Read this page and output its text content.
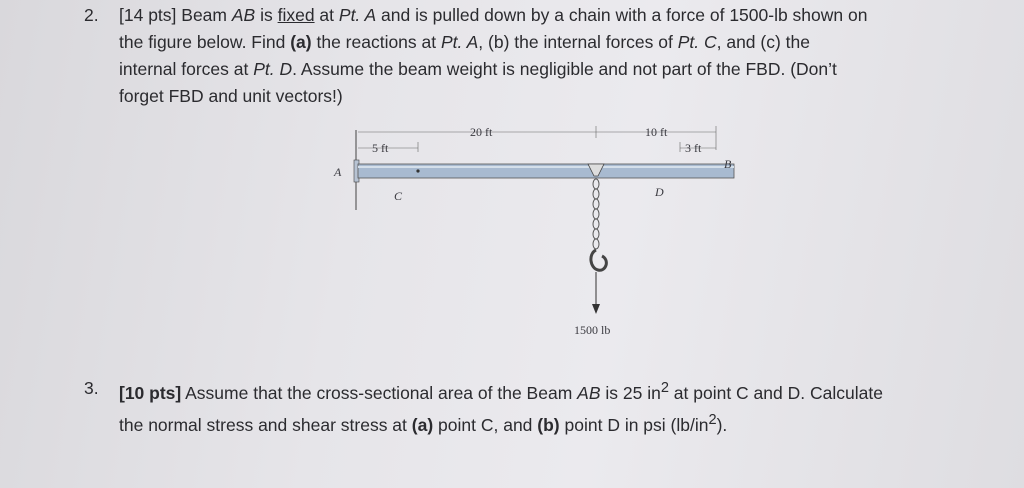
2. [14 pts] Beam AB is fixed at Pt. A and is pulled down by a chain with a force of 1500-lb shown on
the figure below. Find (a) the reactions at Pt. A, (b) the internal forces of Pt. C, and (c) the
internal forces at Pt. D. Assume the beam weight is negligible and not part of the FBD. (Don’t
forget FBD and unit vectors!)
20 ft	10 ft
5 ft	3 ft
A
B
C	D
1500 lb
3. [10 pts] Assume that the cross-sectional area of the Beam AB is 25 $in^2$ at point C and D. Calculate
the normal stress and shear stress at (a) point C, and (b) point D in psi $(lb/in^2)$.
